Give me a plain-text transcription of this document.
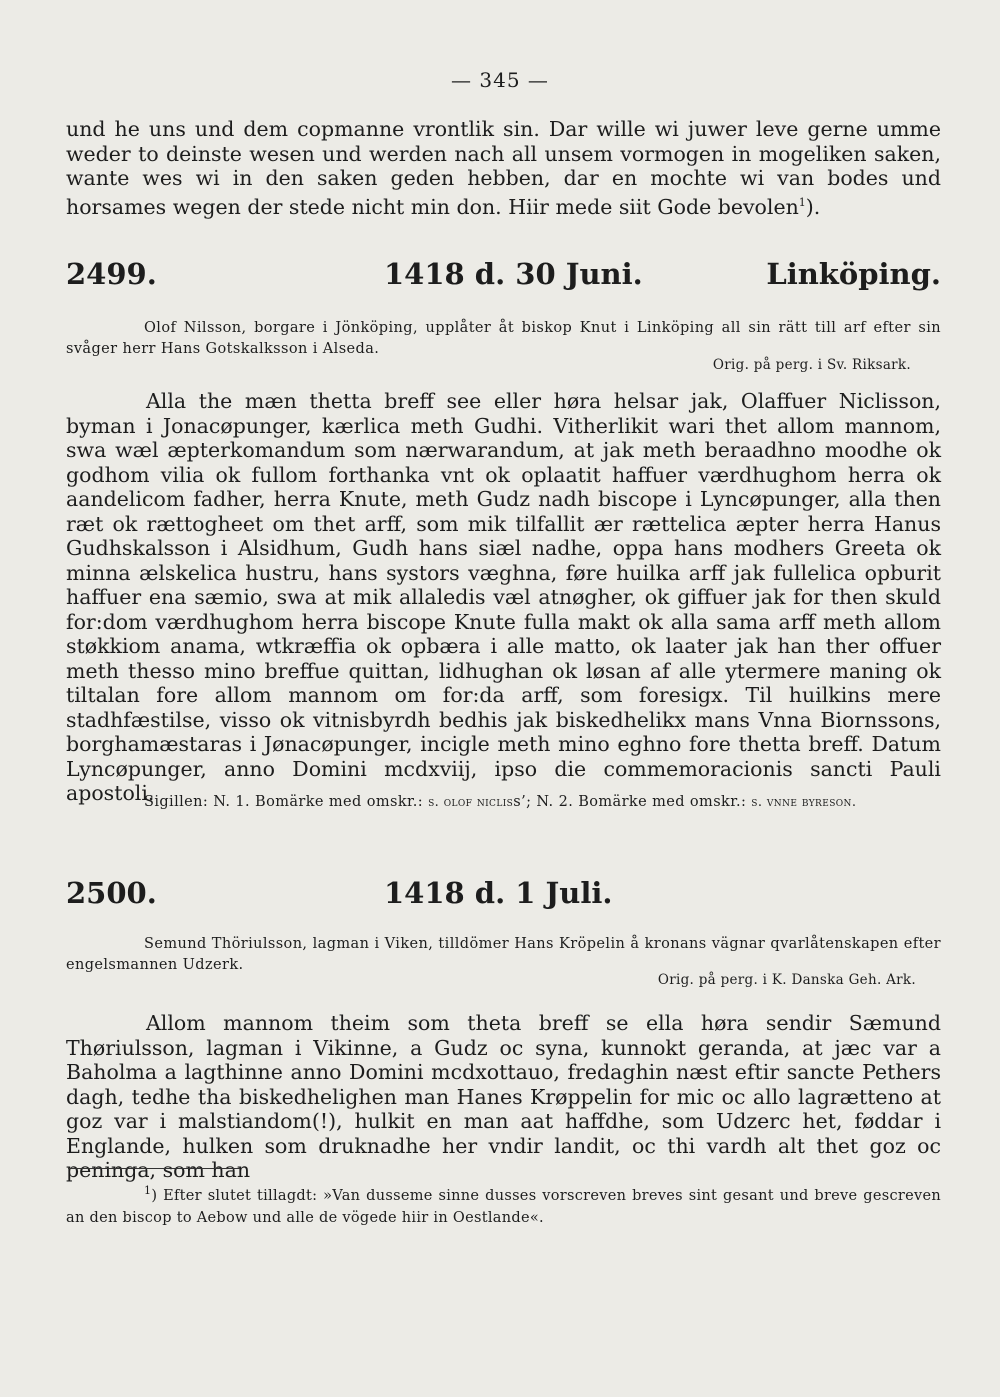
— 345 —

und he uns und dem copmanne vrontlik sin. Dar wille wi juwer leve gerne umme weder to deinste wesen und werden nach all unsem vormogen in mogeliken saken, wante wes wi in den saken geden hebben, dar en mochte wi van bodes und horsames wegen der stede nicht min don. Hiir mede siit Gode bevolen$^1$).

2499.	1418 d. 30 Juni.	Linköping.

Olof Nilsson, borgare i Jönköping, upplåter åt biskop Knut i Linköping all sin rätt till arf efter sin svåger herr Hans Gotskalksson i Alseda.

Orig. på perg. i Sv. Riksark.

Alla the mæn thetta breff see eller høra helsar jak, Olaffuer Niclisson, byman i Jonacøpunger, kærlica meth Gudhi. Vitherlikit wari thet allom mannom, swa wæl æpterkomandum som nærwarandum, at jak meth beraadhno moodhe ok godhom vilia ok fullom forthanka vnt ok oplaatit haffuer værdhughom herra ok aandelicom fadher, herra Knute, meth Gudz nadh biscope i Lyncøpunger, alla then ræt ok rættogheet om thet arff, som mik tilfallit ær rættelica æpter herra Hanus Gudhskalsson i Alsidhum, Gudh hans siæl nadhe, oppa hans modhers Greeta ok minna ælskelica hustru, hans systors væghna, føre huilka arff jak fullelica opburit haffuer ena sæmio, swa at mik allaledis væl atnøgher, ok giffuer jak for then skuld for:dom værdhughom herra biscope Knute fulla makt ok alla sama arff meth allom støkkiom anama, wtkræffia ok opbæra i alle matto, ok laater jak han ther offuer meth thesso mino breffue quittan, lidhughan ok løsan af alle ytermere maning ok tiltalan fore allom mannom om for:da arff, som foresigx. Til huilkins mere stadhfæstilse, visso ok vitnisbyrdh bedhis jak biskedhelikx mans Vnna Biornssons, borghamæstaras i Jønacøpunger, incigle meth mino eghno fore thetta breff. Datum Lyncøpunger, anno Domini mcdxviij, ipso die commemoracionis sancti Pauli apostoli.

Sigillen: N. 1. Bomärke med omskr.: s. olof nicliss’; N. 2. Bomärke med omskr.: s. vnne byreson.

2500.	1418 d. 1 Juli.

Semund Thöriulsson, lagman i Viken, tilldömer Hans Kröpelin å kronans vägnar qvarlåtenskapen efter engelsmannen Udzerk.

Orig. på perg. i K. Danska Geh. Ark.

Allom mannom theim som theta breff se ella høra sendir Sæmund Thøriulsson, lagman i Vikinne, a Gudz oc syna, kunnokt geranda, at jæc var a Baholma a lagthinne anno Domini mcdxottauo, fredaghin næst eftir sancte Pethers dagh, tedhe tha biskedhelighen man Hanes Krøppelin for mic oc allo lagrætteno at goz var i malstiandom(!), hulkit en man aat haffdhe, som Udzerc het, føddar i Englande, hulken som druknadhe her vndir landit, oc thi vardh alt thet goz oc peninga, som han

$^1$) Efter slutet tillagdt: »Van dusseme sinne dusses vorscreven breves sint gesant und breve gescreven an den biscop to Aebow und alle de vögede hiir in Oestlande«.
